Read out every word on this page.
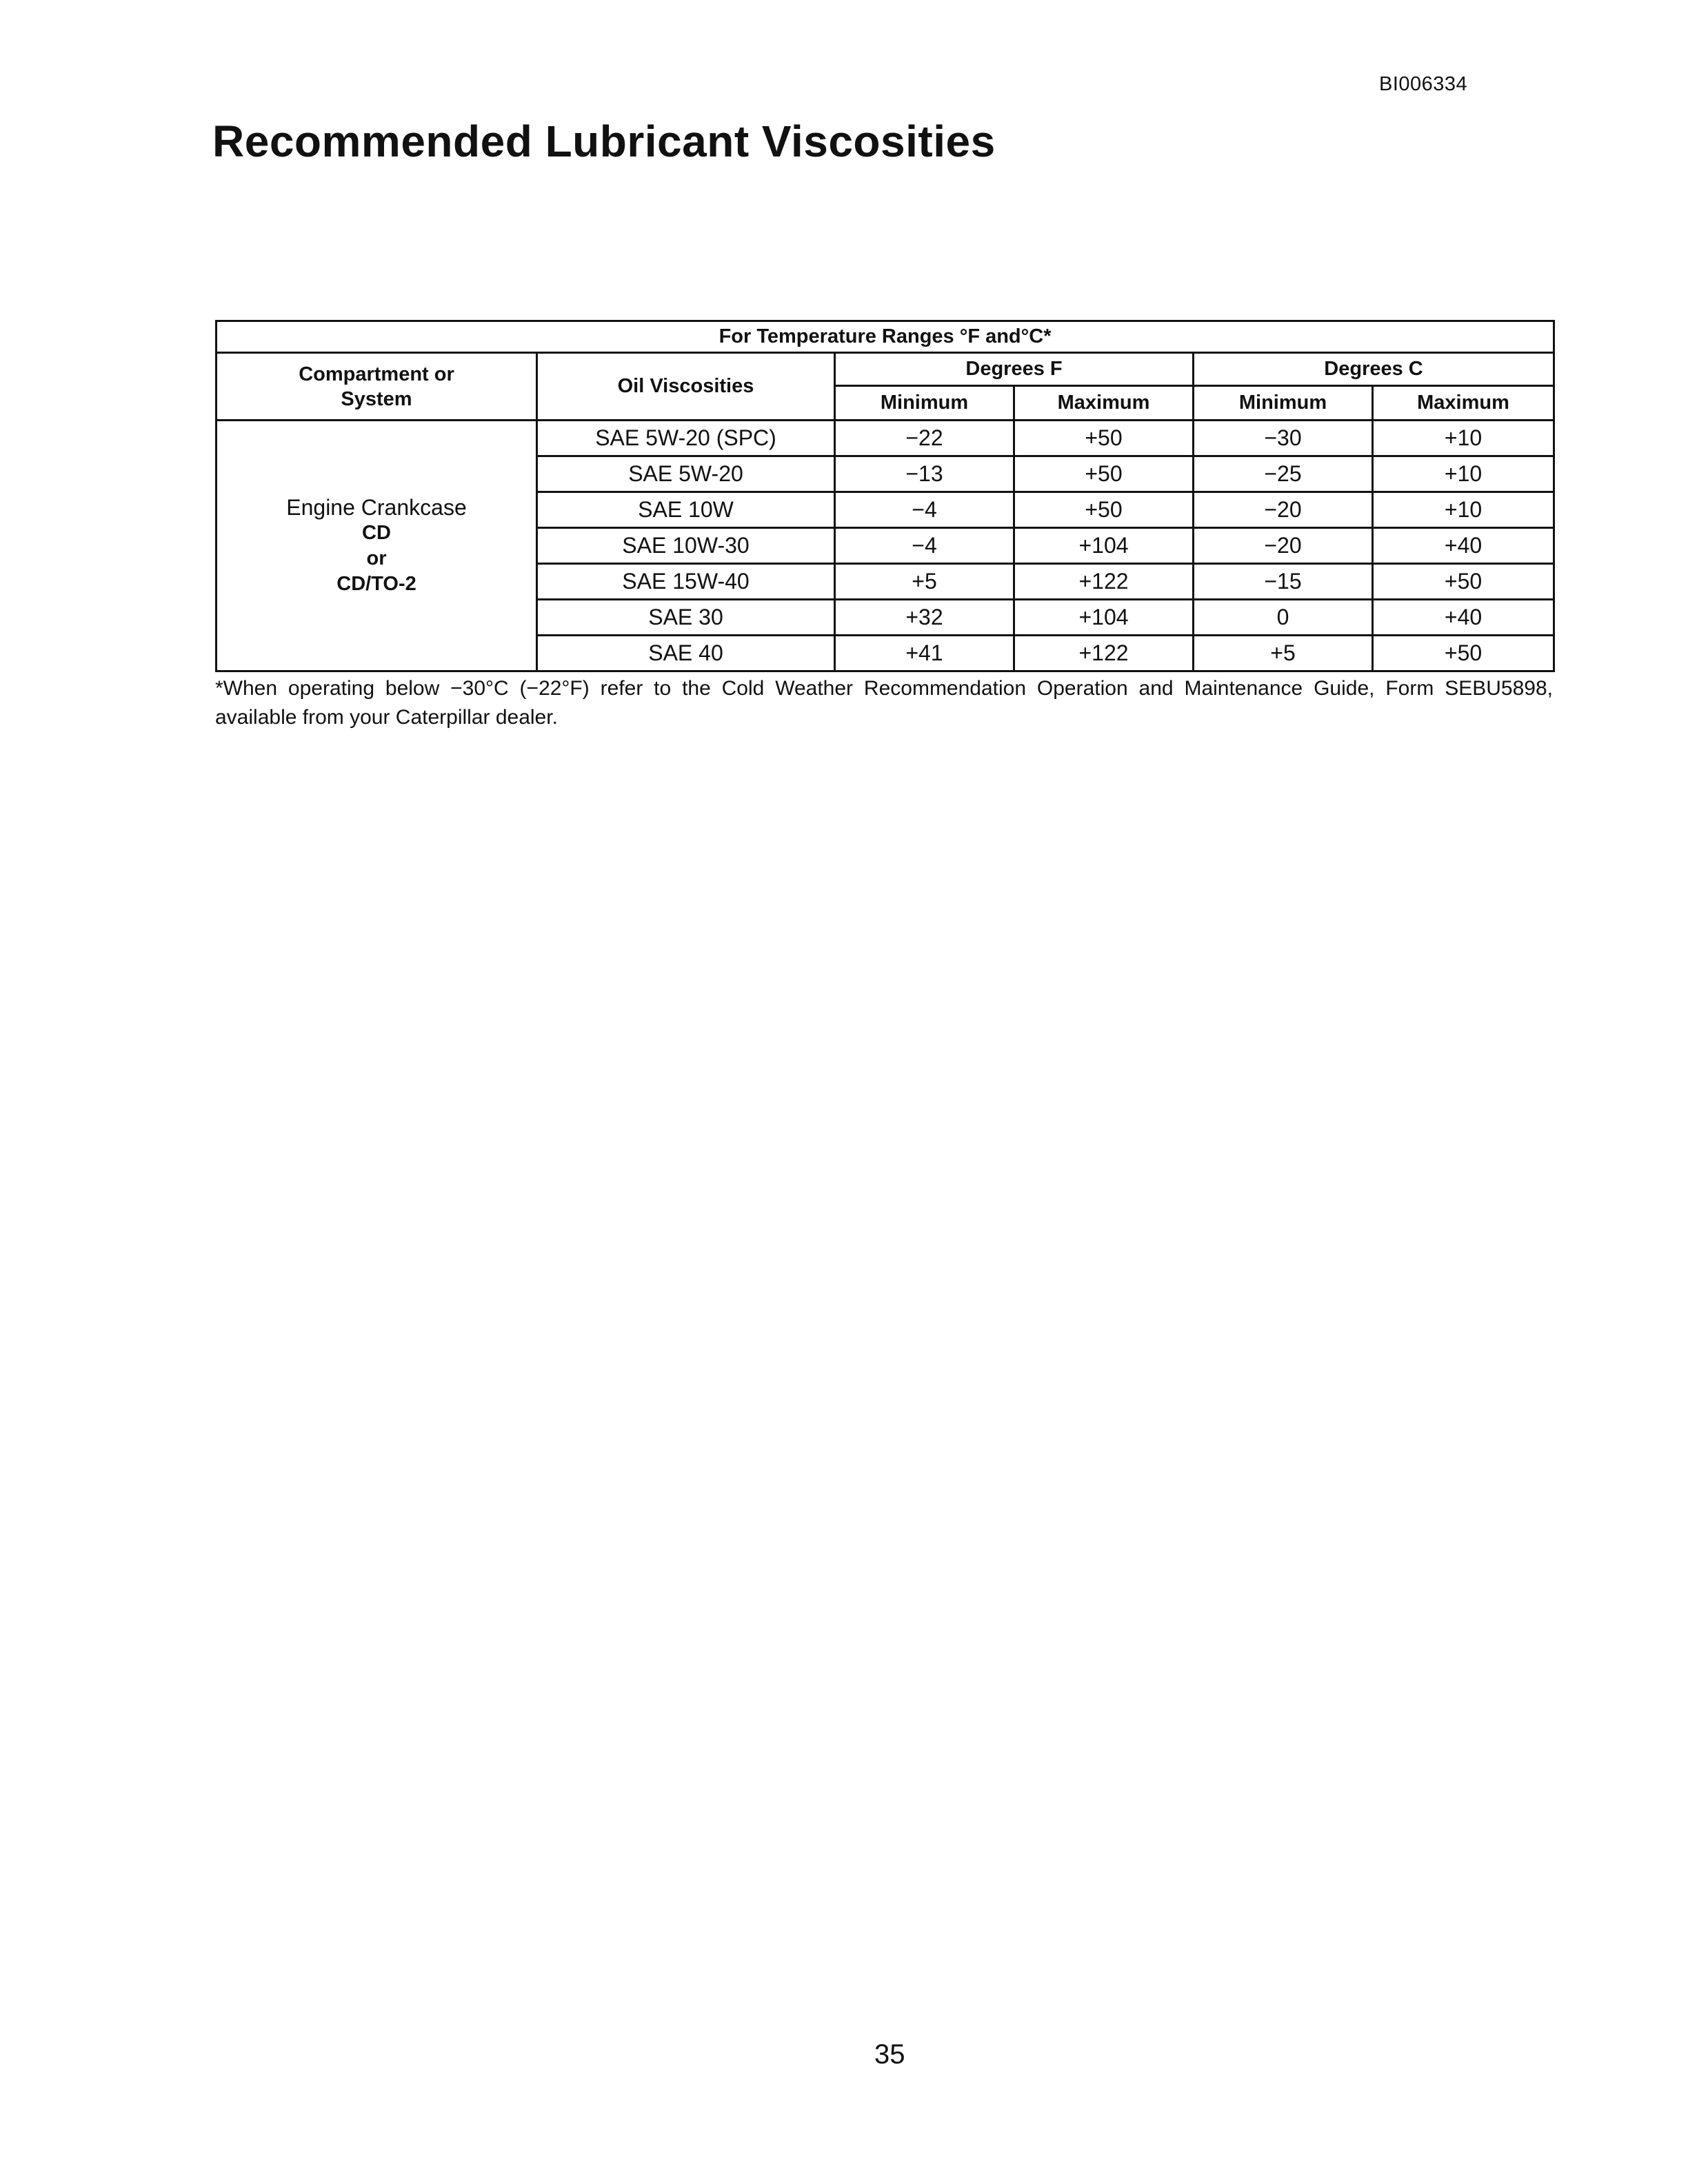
BI006334
Recommended Lubricant Viscosities
For Temperature Ranges °F and°C*					
Compartment or System	Oil Viscosities	Degrees F		Degrees C	
		Minimum	Maximum	Minimum	Maximum

Engine Crankcase
CD
or
CD/TO-2	SAE 5W-20 (SPC)	−22	+50	−30	+10
	SAE 5W-20	−13	+50	−25	+10
	SAE 10W	−4	+50	−20	+10
	SAE 10W-30	−4	+104	−20	+40
	SAE 15W-40	+5	+122	−15	+50
	SAE 30	+32	+104	0	+40
	SAE 40	+41	+122	+5	+50

*When operating below −30°C (−22°F) refer to the Cold Weather Recommendation Operation and Maintenance Guide, Form SEBU5898, available from your Caterpillar dealer.

35
